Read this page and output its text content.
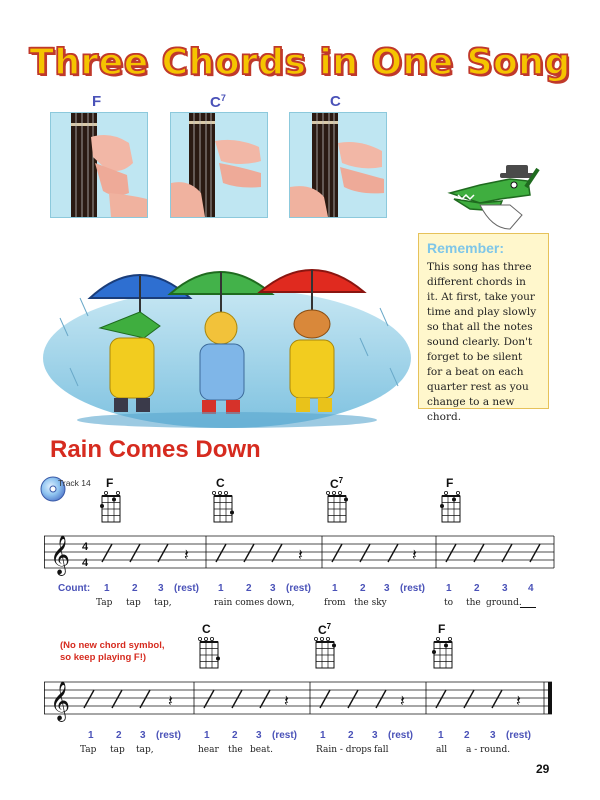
Three Chords in One Song
F	$C^7$	C
Remember:
This song has three different chords in it. At first, take your time and play slowly so that all the notes sound clearly. Don't forget to be silent for a beat on each quarter rest as you change to a new chord.
Rain Comes Down
Track 14 F	C	$C^7$	F
𝄞 4
4	𝄽	𝄽	𝄽
Count: 1 2 3 (rest) 1 2 3 (rest) 1 2 3 (rest) 1 2 3 4
Tap tap tap,	rain comes down,	from the sky	to the ground.
(No new chord symbol, so keep playing F!)
C	$C^7$	F
𝄞	𝄽	𝄽	𝄽	𝄽
1 2 3 (rest) 1 2 3 (rest) 1 2 3 (rest) 1 2 3 (rest)
Tap tap tap,	hear the beat.	Rain - drops fall	all a - round.
29
